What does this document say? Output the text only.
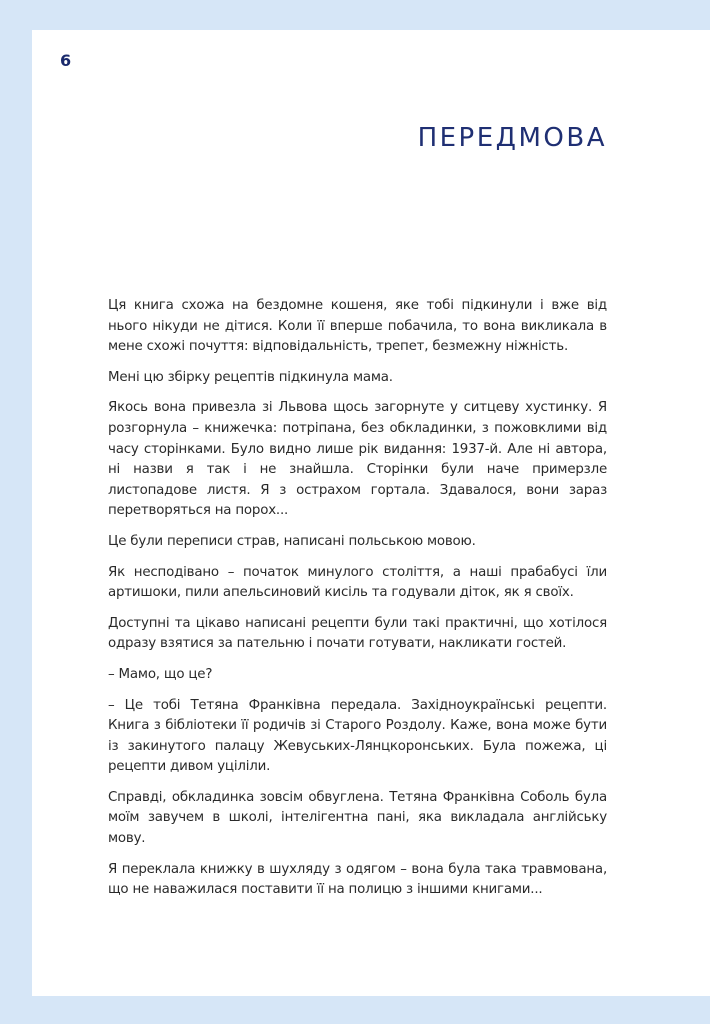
6
ПЕРЕДМОВА

Ця книга схожа на бездомне кошеня, яке тобі підкинули і вже від нього нікуди не дітися. Коли її вперше побачила, то вона викликала в мене схожі почуття: відповідальність, трепет, безмежну ніжність.

Мені цю збірку рецептів підкинула мама.

Якось вона привезла зі Львова щось загорнуте у ситцеву хустинку. Я розгорнула – книжечка: потріпана, без обкладинки, з пожовклими від часу сторінками. Було видно лише рік видання: 1937-й. Але ні автора, ні назви я так і не знайшла. Сторінки були наче примерзле листопадове листя. Я з острахом гортала. Здавалося, вони зараз перетворяться на порох...

Це були переписи страв, написані польською мовою.

Як несподівано – початок минулого століття, а наші прабабусі їли артишоки, пили апельсиновий кисіль та годували діток, як я своїх.

Доступні та цікаво написані рецепти були такі практичні, що хотілося одразу взятися за пательню і почати готувати, накликати гостей.

– Мамо, що це?

– Це тобі Тетяна Франківна передала. Західноукраїнські рецепти. Книга з бібліотеки її родичів зі Старого Роздолу. Каже, вона може бути із закинутого палацу Жевуських-Лянцкоронських. Була пожежа, ці рецепти дивом уціліли.

Справді, обкладинка зовсім обвуглена. Тетяна Франківна Соболь була моїм завучем в школі, інтелігентна пані, яка викладала англійську мову.

Я переклала книжку в шухляду з одягом – вона була така травмована, що не наважилася поставити її на полицю з іншими книгами...
